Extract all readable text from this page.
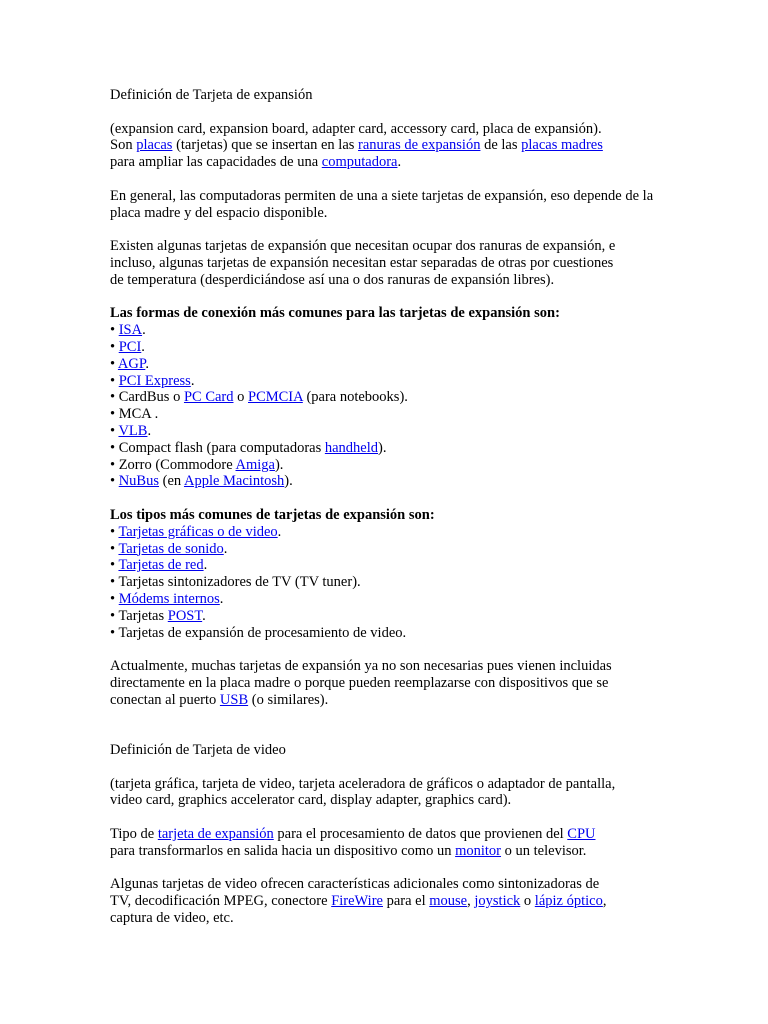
Definición de Tarjeta de expansión

(expansion card, expansion board, adapter card, accessory card, placa de expansión).

Son placas (tarjetas) que se insertan en las ranuras de expansión de las placas madres

para ampliar las capacidades de una computadora.

En general, las computadoras permiten de una a siete tarjetas de expansión, eso depende de la placa madre y del espacio disponible.

Existen algunas tarjetas de expansión que necesitan ocupar dos ranuras de expansión, e

incluso, algunas tarjetas de expansión necesitan estar separadas de otras por cuestiones

de temperatura (desperdiciándose así una o dos ranuras de expansión libres).

Las formas de conexión más comunes para las tarjetas de expansión son:

• ISA.

• PCI.

• AGP.

• PCI Express.

• CardBus o PC Card o PCMCIA (para notebooks).

• MCA .

• VLB.

• Compact flash (para computadoras handheld).

• Zorro (Commodore Amiga).

• NuBus (en Apple Macintosh).

Los tipos más comunes de tarjetas de expansión son:

• Tarjetas gráficas o de video.

• Tarjetas de sonido.

• Tarjetas de red.

• Tarjetas sintonizadores de TV (TV tuner).

• Módems internos.

• Tarjetas POST.

• Tarjetas de expansión de procesamiento de video.

Actualmente, muchas tarjetas de expansión ya no son necesarias pues vienen incluidas

directamente en la placa madre o porque pueden reemplazarse con dispositivos que se

conectan al puerto USB (o similares).

Definición de Tarjeta de video

(tarjeta gráfica, tarjeta de video, tarjeta aceleradora de gráficos o adaptador de pantalla,

video card, graphics accelerator card, display adapter, graphics card).

Tipo de tarjeta de expansión para el procesamiento de datos que provienen del CPU

para transformarlos en salida hacia un dispositivo como un monitor o un televisor.

Algunas tarjetas de video ofrecen características adicionales como sintonizadoras de

TV, decodificación MPEG, conectore FireWire para el mouse, joystick o lápiz óptico,

captura de video, etc.
